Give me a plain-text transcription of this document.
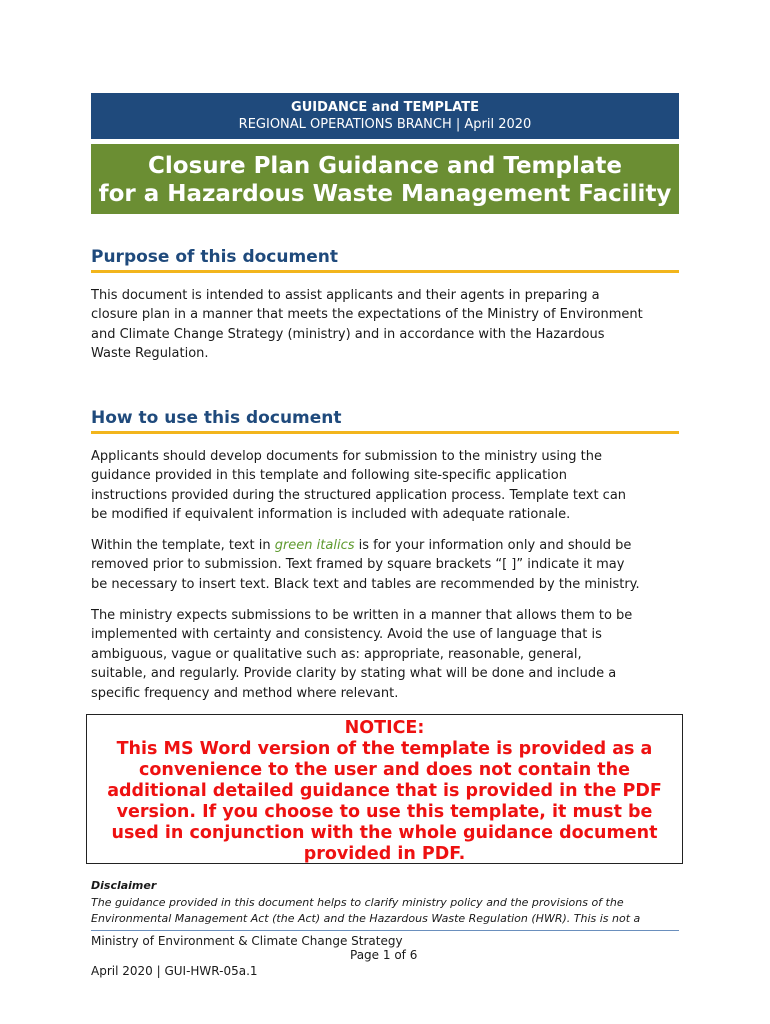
GUIDANCE and TEMPLATE
REGIONAL OPERATIONS BRANCH | April 2020
Closure Plan Guidance and Template
for a Hazardous Waste Management Facility
Purpose of this document
This document is intended to assist applicants and their agents in preparing a
closure plan in a manner that meets the expectations of the Ministry of Environment
and Climate Change Strategy (ministry) and in accordance with the Hazardous
Waste Regulation.
How to use this document
Applicants should develop documents for submission to the ministry using the
guidance provided in this template and following site-specific application
instructions provided during the structured application process. Template text can
be modified if equivalent information is included with adequate rationale.
Within the template, text in green italics is for your information only and should be
removed prior to submission. Text framed by square brackets “[ ]” indicate it may
be necessary to insert text. Black text and tables are recommended by the ministry.
The ministry expects submissions to be written in a manner that allows them to be
implemented with certainty and consistency. Avoid the use of language that is
ambiguous, vague or qualitative such as: appropriate, reasonable, general,
suitable, and regularly. Provide clarity by stating what will be done and include a
specific frequency and method where relevant.
NOTICE:
This MS Word version of the template is provided as a
convenience to the user and does not contain the
additional detailed guidance that is provided in the PDF
version. If you choose to use this template, it must be
used in conjunction with the whole guidance document
provided in PDF.
Disclaimer
The guidance provided in this document helps to clarify ministry policy and the provisions of the
Environmental Management Act (the Act) and the Hazardous Waste Regulation (HWR). This is not a
Ministry of Environment & Climate Change Strategy
Page 1 of 6
April 2020 | GUI-HWR-05a.1
